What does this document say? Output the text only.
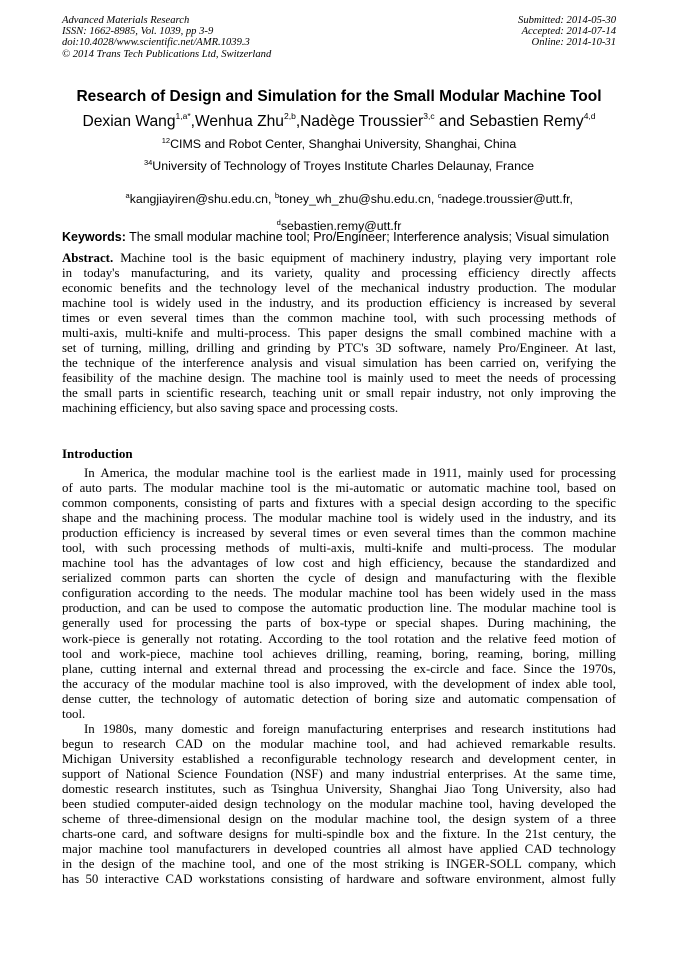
Advanced Materials Research
ISSN: 1662-8985, Vol. 1039, pp 3-9
doi:10.4028/www.scientific.net/AMR.1039.3
© 2014 Trans Tech Publications Ltd, Switzerland
Submitted: 2014-05-30
Accepted: 2014-07-14
Online: 2014-10-31
Research of Design and Simulation for the Small Modular Machine Tool
Dexian Wang$^{1,a*}$,Wenhua Zhu$^{2,b}$,Nadège Troussier$^{3,c}$ and Sebastien Remy$^{4,d}$
$^{12}$CIMS and Robot Center, Shanghai University, Shanghai, China
$^{34}$University of Technology of Troyes Institute Charles Delaunay, France

$^a$kangjiayiren@shu.edu.cn, $^b$toney_wh_zhu@shu.edu.cn, $^c$nadege.troussier@utt.fr,

$^d$sebastien.remy@utt.fr
Keywords: The small modular machine tool; Pro/Engineer; Interference analysis; Visual simulation
Abstract. Machine tool is the basic equipment of machinery industry, playing very important role
in today's manufacturing, and its variety, quality and processing efficiency directly affects
economic benefits and the technology level of the mechanical industry production. The modular
machine tool is widely used in the industry, and its production efficiency is increased by several
times or even several times than the common machine tool, with such processing methods of
multi-axis, multi-knife and multi-process. This paper designs the small combined machine with a
set of turning, milling, drilling and grinding by PTC's 3D software, namely Pro/Engineer. At last,
the technique of the interference analysis and visual simulation has been carried on, verifying the
feasibility of the machine design. The machine tool is mainly used to meet the needs of processing
the small parts in scientific research, teaching unit or small repair industry, not only improving the
machining efficiency, but also saving space and processing costs.
Introduction
In America, the modular machine tool is the earliest made in 1911, mainly used for processing
of auto parts. The modular machine tool is the mi-automatic or automatic machine tool, based on
common components, consisting of parts and fixtures with a special design according to the specific
shape and the machining process. The modular machine tool is widely used in the industry, and its
production efficiency is increased by several times or even several times than the common machine
tool, with such processing methods of multi-axis, multi-knife and multi-process. The modular
machine tool has the advantages of low cost and high efficiency, because the standardized and
serialized common parts can shorten the cycle of design and manufacturing with the flexible
configuration according to the needs. The modular machine tool has been widely used in the mass
production, and can be used to compose the automatic production line. The modular machine tool is
generally used for processing the parts of box-type or special shapes. During machining, the
work-piece is generally not rotating. According to the tool rotation and the relative feed motion of
tool and work-piece, machine tool achieves drilling, reaming, boring, reaming, boring, milling
plane, cutting internal and external thread and processing the ex-circle and face. Since the 1970s,
the accuracy of the modular machine tool is also improved, with the development of index able tool,
dense cutter, the technology of automatic detection of boring size and automatic compensation of
tool.
In 1980s, many domestic and foreign manufacturing enterprises and research institutions had
begun to research CAD on the modular machine tool, and had achieved remarkable results.
Michigan University established a reconfigurable technology research and development center, in
support of National Science Foundation (NSF) and many industrial enterprises. At the same time,
domestic research institutes, such as Tsinghua University, Shanghai Jiao Tong University, also had
been studied computer-aided design technology on the modular machine tool, having developed the
scheme of three-dimensional design on the modular machine tool, the design system of a three
charts-one card, and software designs for multi-spindle box and the fixture. In the 21st century, the
major machine tool manufacturers in developed countries all almost have applied CAD technology
in the design of the machine tool, and one of the most striking is INGER-SOLL company, which
has 50 interactive CAD workstations consisting of hardware and software environment, almost fully
